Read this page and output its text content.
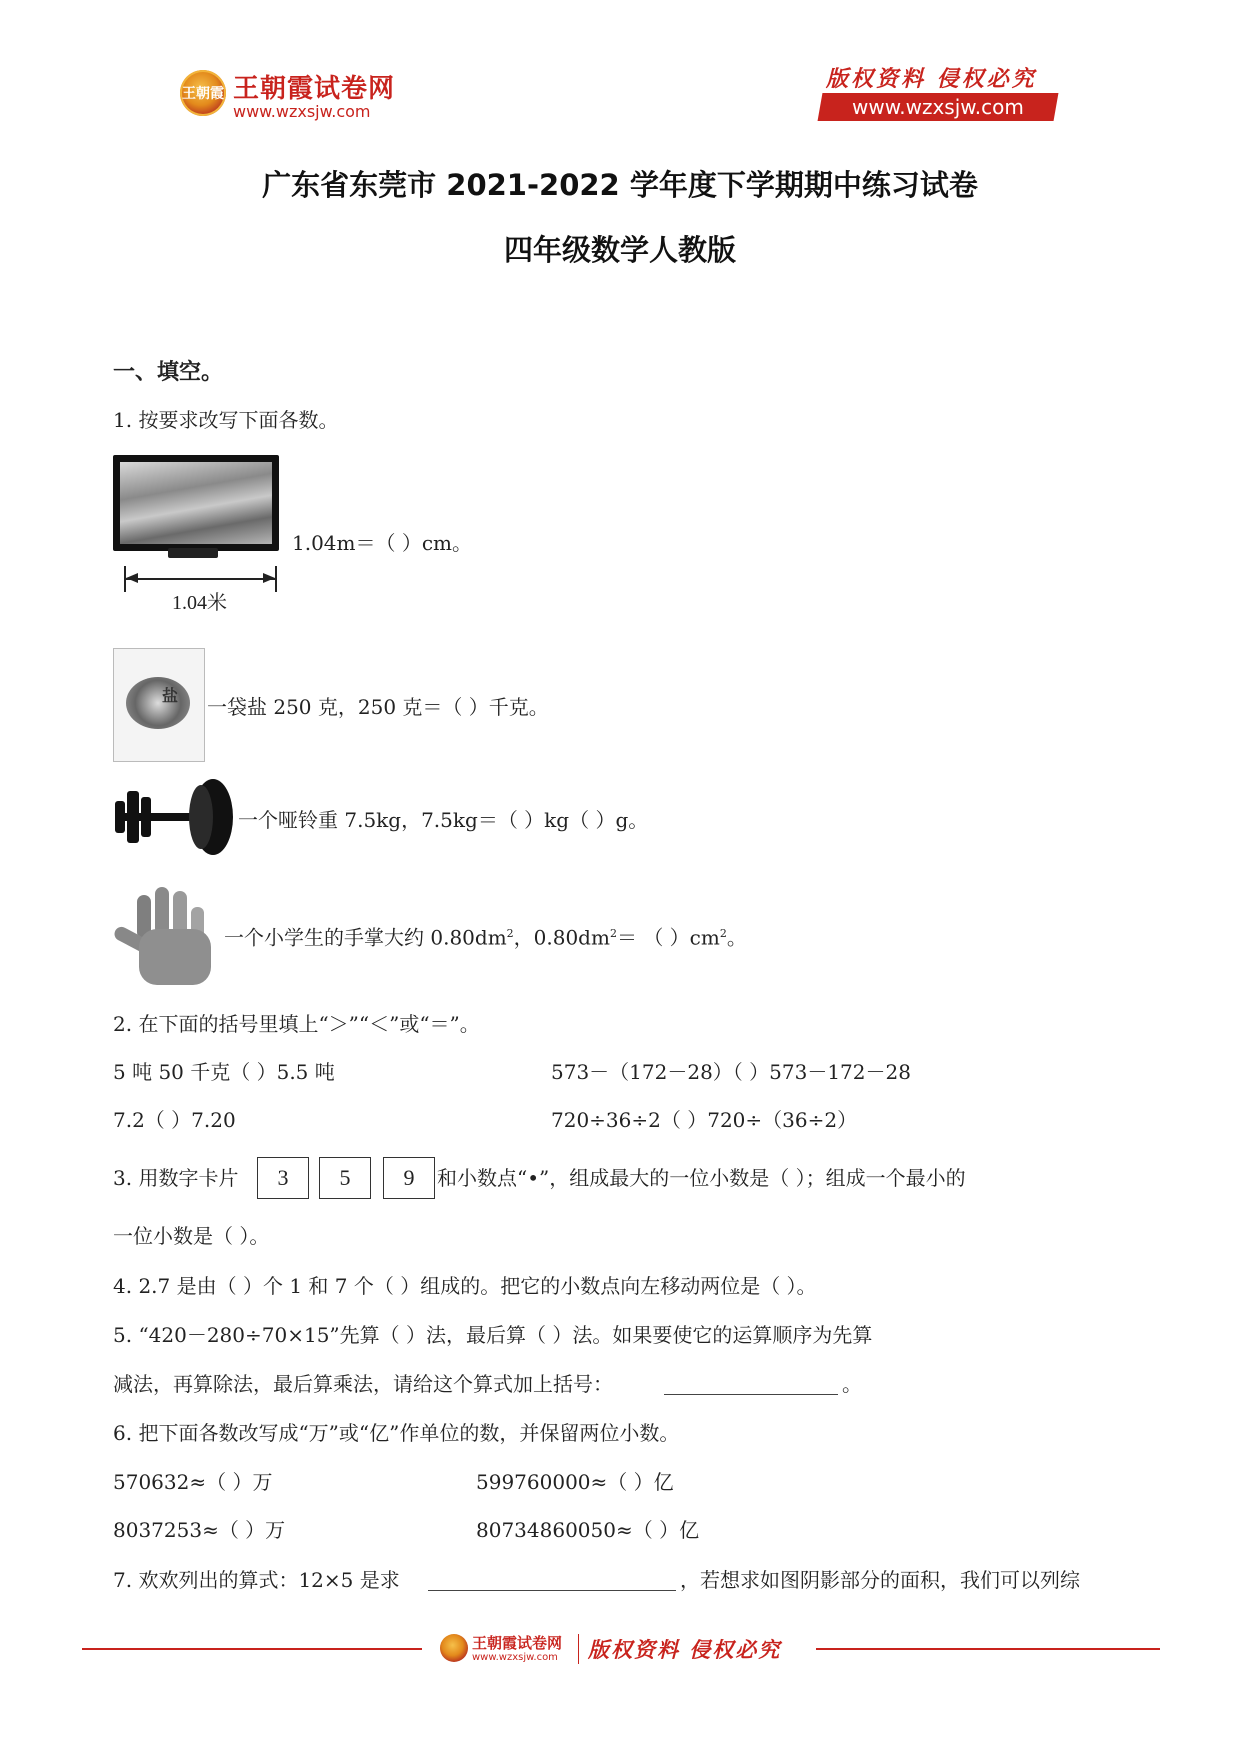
王朝霞 王朝霞试卷网
www.wzxsjw.com
版权资料 侵权必究
www.wzxsjw.com
广东省东莞市 2021-2022 学年度下学期期中练习试卷
四年级数学人教版
一、填空。
1. 按要求改写下面各数。
1.04米
1.04m＝（ ）cm。
盐 一袋盐 250 克，250 克＝（ ）千克。
一个哑铃重 7.5kg，7.5kg＝（ ）kg（ ）g。
一个小学生的手掌大约 $0.80dm^2$，$0.80dm^2=$ （ ）$cm^2$。
2. 在下面的括号里填上“＞”“＜”或“＝”。
5 吨 50 千克（ ）5.5 吨	573－（172－28）（ ）573－172－28
7.2（ ）7.20	720÷36÷2（ ）720÷（36÷2）
3. 用数字卡片	3	5	9	和小数点“•”，组成最大的一位小数是（ ）；组成一个最小的
一位小数是（ ）。
4. 2.7 是由（ ）个 1 和 7 个（ ）组成的。把它的小数点向左移动两位是（ ）。
5. “420－280÷70×15”先算（ ）法，最后算（ ）法。如果要使它的运算顺序为先算
减法，再算除法，最后算乘法，请给这个算式加上括号：	。
6. 把下面各数改写成“万”或“亿”作单位的数，并保留两位小数。
570632≈（ ）万	599760000≈（ ）亿
8037253≈（ ）万	80734860050≈（ ）亿
7. 欢欢列出的算式：12×5 是求	，若想求如图阴影部分的面积，我们可以列综
王朝霞试卷网
www.wzxsjw.com 版权资料 侵权必究
